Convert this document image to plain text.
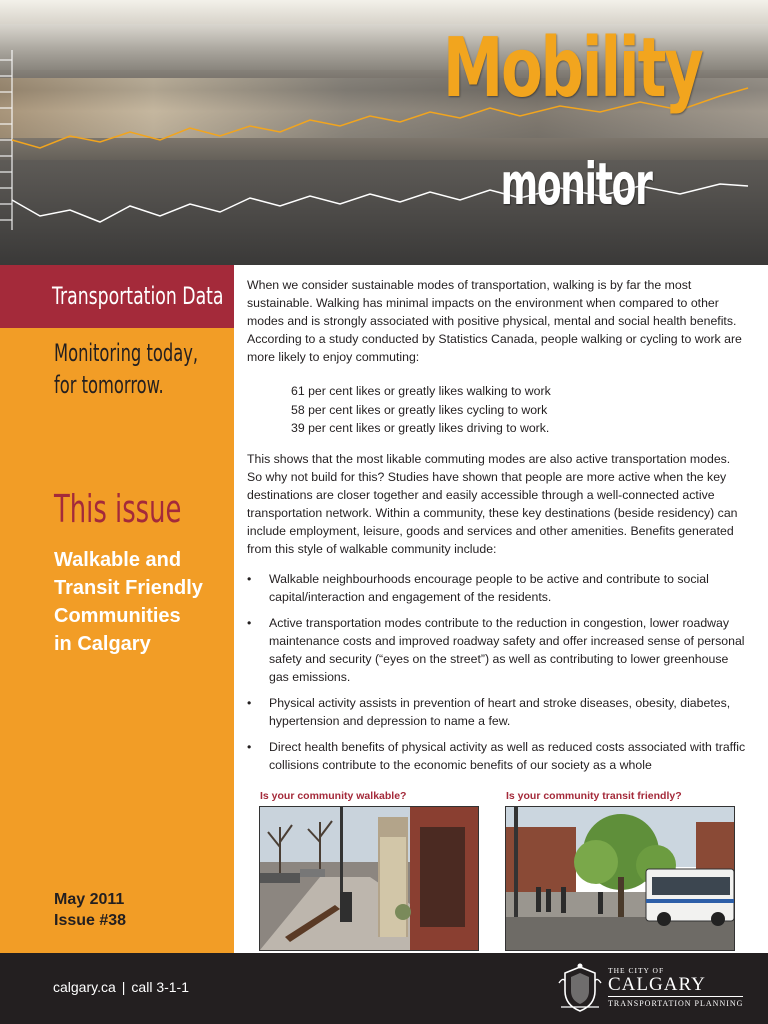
Mobility
monitor
Transportation Data
Monitoring today,
for tomorrow.
This issue
Walkable and
Transit Friendly
Communities
in Calgary
May 2011
Issue #38

When we consider sustainable modes of transportation, walking is by far the most sustainable. Walking has minimal impacts on the environment when compared to other modes and is strongly associated with positive physical, mental and social health benefits. According to a study conducted by Statistics Canada, people walking or cycling to work are more likely to enjoy commuting:

61 per cent likes or greatly likes walking to work
58 per cent likes or greatly likes cycling to work
39 per cent likes or greatly likes driving to work.

This shows that the most likable commuting modes are also active transportation modes. So why not build for this? Studies have shown that people are more active when the key destinations are closer together and easily accessible through a well-connected active transportation network. Within a community, these key destinations (beside residency) can include employment, leisure, goods and services and other amenities. Benefits generated from this style of walkable community include:

• Walkable neighbourhoods encourage people to be active and contribute to social capital/interaction and engagement of the residents.
• Active transportation modes contribute to the reduction in congestion, lower roadway maintenance costs and improved roadway safety and offer increased sense of personal safety and security (“eyes on the street”) as well as contributing to lower greenhouse gas emissions.
• Physical activity assists in prevention of heart and stroke diseases, obesity, diabetes, hypertension and depression to name a few.
• Direct health benefits of physical activity as well as reduced costs associated with traffic collisions contribute to the economic benefits of our society as a whole
Is your community walkable?	Is your community transit friendly?
calgary.ca | call 3-1-1
THE CITY OF
CALGARY
TRANSPORTATION PLANNING
